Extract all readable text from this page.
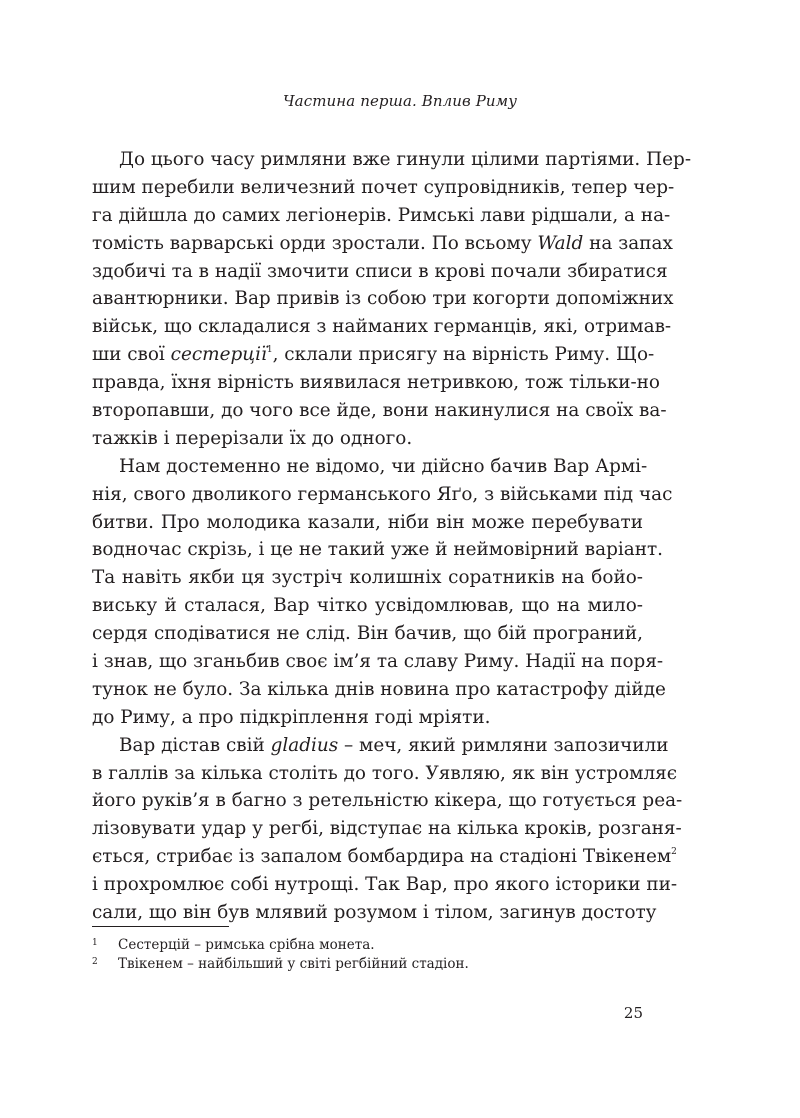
Частина перша. Вплив Риму
До цього часу римляни вже гинули цілими партіями. Пер-
шим перебили величезний почет супровідників, тепер чер-
га дійшла до самих легіонерів. Римські лави рідшали, а на-
томість варварські орди зростали. По всьому Wald на запах
здобичі та в надії змочити списи в крові почали збиратися
авантюрники. Вар привів із собою три когорти допоміжних
військ, що складалися з найманих германців, які, отримав-
ши свої сестерції$^1$, склали присягу на вірність Риму. Що-
правда, їхня вірність виявилася нетривкою, тож тільки-но
второпавши, до чого все йде, вони накинулися на своїх ва-
тажків і перерізали їх до одного.
Нам достеменно не відомо, чи дійсно бачив Вар Армі-
нія, свого дволикого германського Яґо, з військами під час
битви. Про молодика казали, ніби він може перебувати
водночас скрізь, і це не такий уже й неймовірний варіант.
Та навіть якби ця зустріч колишніх соратників на бойо-
виську й сталася, Вар чітко усвідомлював, що на мило-
сердя сподіватися не слід. Він бачив, що бій програний,
і знав, що зганьбив своє ім’я та славу Риму. Надії на поря-
тунок не було. За кілька днів новина про катастрофу дійде
до Риму, а про підкріплення годі мріяти.
Вар дістав свій gladius – меч, який римляни запозичили
в галлів за кілька століть до того. Уявляю, як він устромляє
його руків’я в багно з ретельністю кікера, що готується реа-
лізовувати удар у регбі, відступає на кілька кроків, розганя-
ється, стрибає із запалом бомбардира на стадіоні Твікенем$^2$
і прохромлює собі нутрощі. Так Вар, про якого історики пи-
сали, що він був млявий розумом і тілом, загинув достоту
1	Сестерцій – римська срібна монета.
2	Твікенем – найбільший у світі регбійний стадіон.
25
